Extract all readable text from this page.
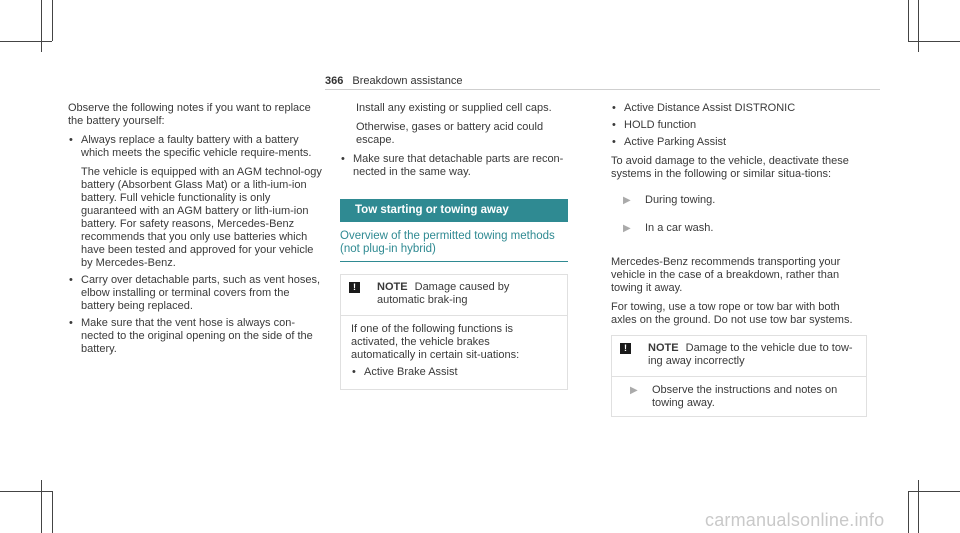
366 Breakdown assistance

Observe the following notes if you want to replace the battery yourself:

• Always replace a faulty battery with a battery which meets the specific vehicle require-ments.
The vehicle is equipped with an AGM technol-ogy battery (Absorbent Glass Mat) or a lith-ium-ion battery. Full vehicle functionality is only guaranteed with an AGM battery or lith-ium-ion battery. For safety reasons, Mercedes-Benz recommends that you only use batteries which have been tested and approved for your vehicle by Mercedes-Benz.
• Carry over detachable parts, such as vent hoses, elbow installing or terminal covers from the battery being replaced.
• Make sure that the vent hose is always con-nected to the original opening on the side of the battery.

Install any existing or supplied cell caps.

Otherwise, gases or battery acid could escape.

• Make sure that detachable parts are recon-nected in the same way.
Tow starting or towing away
Overview of the permitted towing methods (not plug-in hybrid)
!	NOTE Damage caused by automatic brak-ing

If one of the following functions is activated, the vehicle brakes automatically in certain sit-uations:

• Active Brake Assist
• Active Distance Assist DISTRONIC
• HOLD function
• Active Parking Assist

To avoid damage to the vehicle, deactivate these systems in the following or similar situa-tions:

▶	During towing.
▶	In a car wash.

Mercedes-Benz recommends transporting your vehicle in the case of a breakdown, rather than towing it away.

For towing, use a tow rope or tow bar with both axles on the ground. Do not use tow bar systems.

!	NOTE Damage to the vehicle due to tow-ing away incorrectly
▶	Observe the instructions and notes on towing away.
carmanualsonline.info
